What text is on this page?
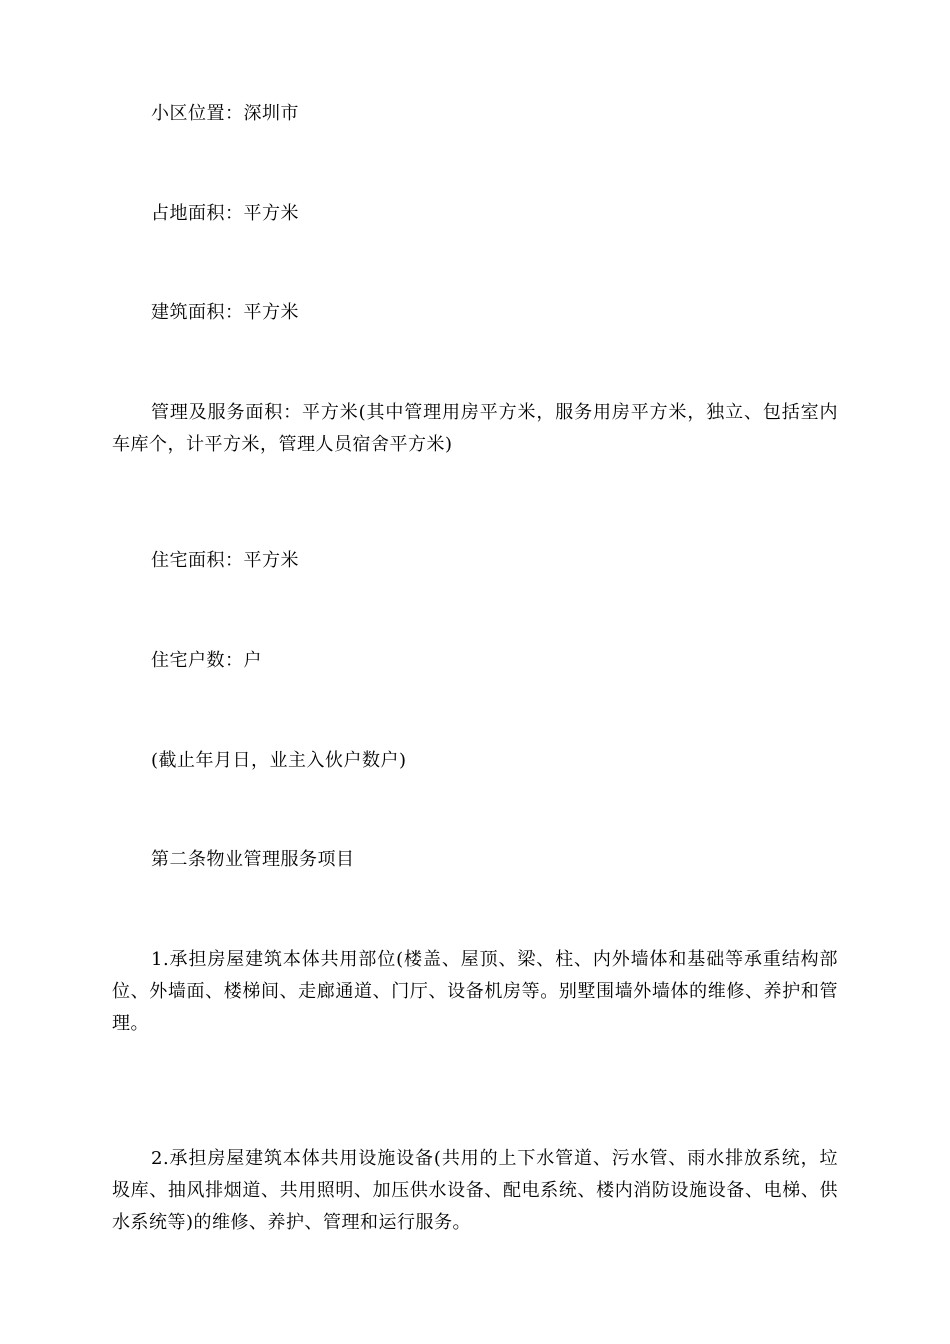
小区位置：深圳市

占地面积：平方米

建筑面积：平方米

管理及服务面积：平方米(其中管理用房平方米，服务用房平方米，独立、包括室内车库个，计平方米，管理人员宿舍平方米)

住宅面积：平方米

住宅户数：户

(截止年月日，业主入伙户数户)

第二条物业管理服务项目

1.承担房屋建筑本体共用部位(楼盖、屋顶、梁、柱、内外墙体和基础等承重结构部位、外墙面、楼梯间、走廊通道、门厅、设备机房等。别墅围墙外墙体的维修、养护和管理。

2.承担房屋建筑本体共用设施设备(共用的上下水管道、污水管、雨水排放系统，垃圾库、抽风排烟道、共用照明、加压供水设备、配电系统、楼内消防设施设备、电梯、供水系统等)的维修、养护、管理和运行服务。
